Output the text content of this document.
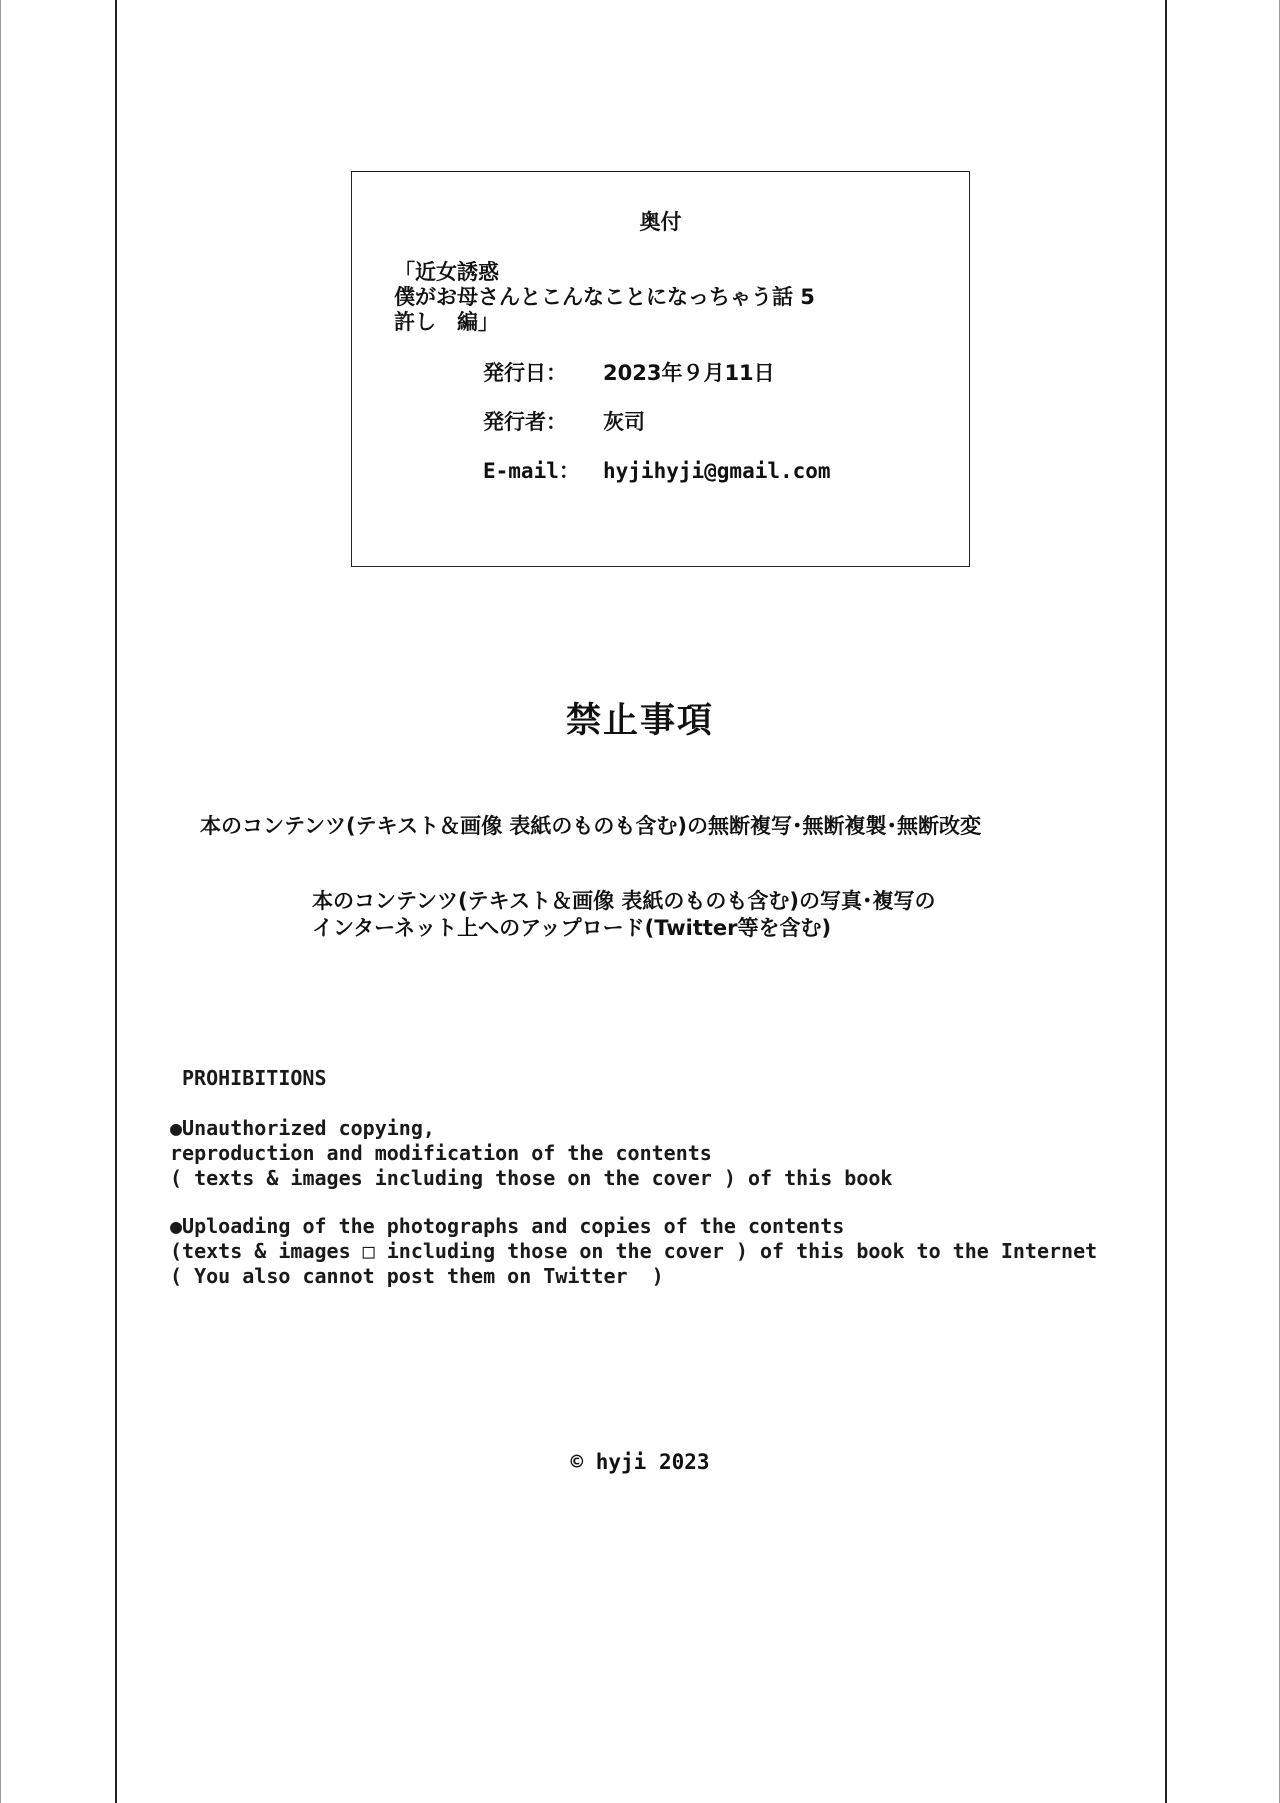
奥付
「近女誘惑
僕がお母さんとこんなことになっちゃう話 5
許し　編」
発行日： 2023年９月11日
発行者： 灰司
E-mail： hyjihyji@gmail.com
禁止事項
本のコンテンツ(テキスト＆画像 表紙のものも含む)の無断複写･無断複製･無断改変
本のコンテンツ(テキスト＆画像 表紙のものも含む)の写真･複写の
インターネット上へのアップロード(Twitter等を含む)
PROHIBITIONS
●Unauthorized copying,
reproduction and modification of the contents
( texts & images including those on the cover ) of this book
●Uploading of the photographs and copies of the contents
(texts & images □ including those on the cover ) of this book to the Internet
( You also cannot post them on Twitter  )
© hyji 2023
